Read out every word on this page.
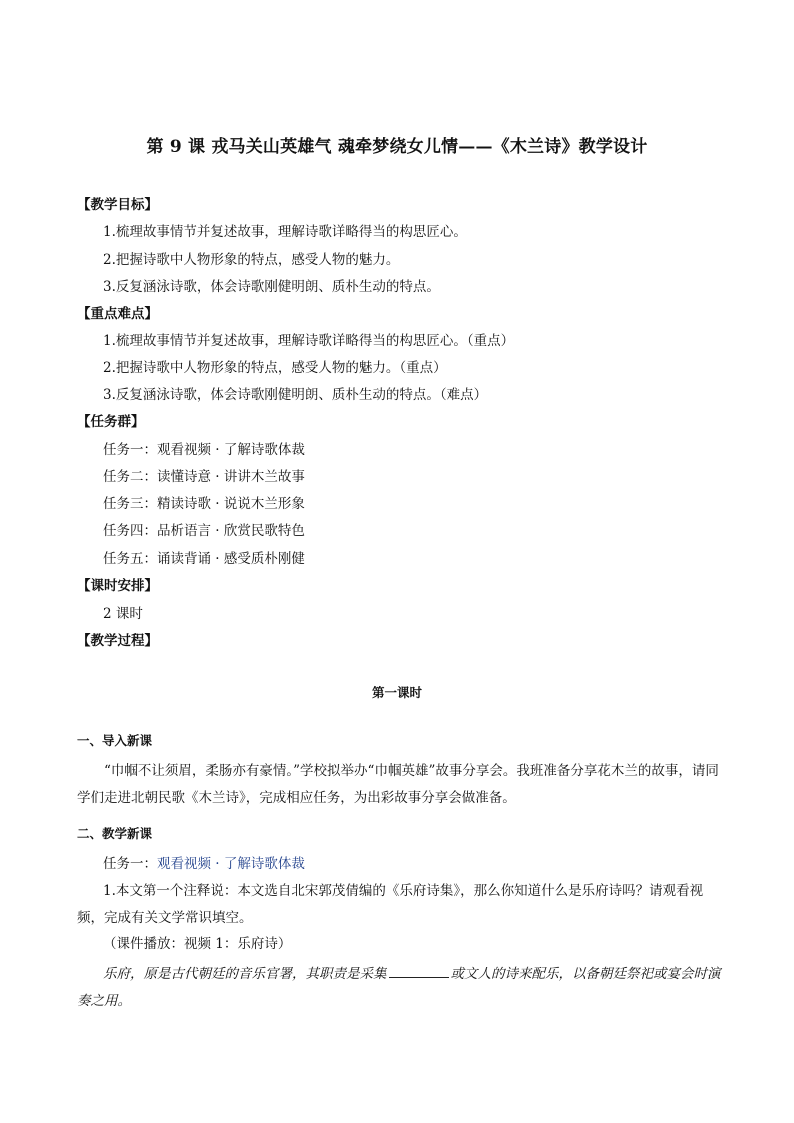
第 9 课 戎马关山英雄气 魂牵梦绕女儿情——《木兰诗》教学设计
【教学目标】
1.梳理故事情节并复述故事，理解诗歌详略得当的构思匠心。
2.把握诗歌中人物形象的特点，感受人物的魅力。
3.反复涵泳诗歌，体会诗歌刚健明朗、质朴生动的特点。
【重点难点】
1.梳理故事情节并复述故事，理解诗歌详略得当的构思匠心。（重点）
2.把握诗歌中人物形象的特点，感受人物的魅力。（重点）
3.反复涵泳诗歌，体会诗歌刚健明朗、质朴生动的特点。（难点）
【任务群】
任务一：观看视频 · 了解诗歌体裁
任务二：读懂诗意 · 讲讲木兰故事
任务三：精读诗歌 · 说说木兰形象
任务四：品析语言 · 欣赏民歌特色
任务五：诵读背诵 · 感受质朴刚健
【课时安排】
2 课时
【教学过程】
第一课时
一、导入新课
“巾帼不让须眉，柔肠亦有豪情。”学校拟举办“巾帼英雄”故事分享会。我班准备分享花木兰的故事，请同学们走进北朝民歌《木兰诗》，完成相应任务，为出彩故事分享会做准备。
二、教学新课
任务一：观看视频 · 了解诗歌体裁
1.本文第一个注释说：本文选自北宋郭茂倩编的《乐府诗集》，那么你知道什么是乐府诗吗？请观看视频，完成有关文学常识填空。
（课件播放：视频 1：乐府诗）
乐府，原是古代朝廷的音乐官署，其职责是采集	或文人的诗来配乐，以备朝廷祭祀或宴会时演奏之用。
